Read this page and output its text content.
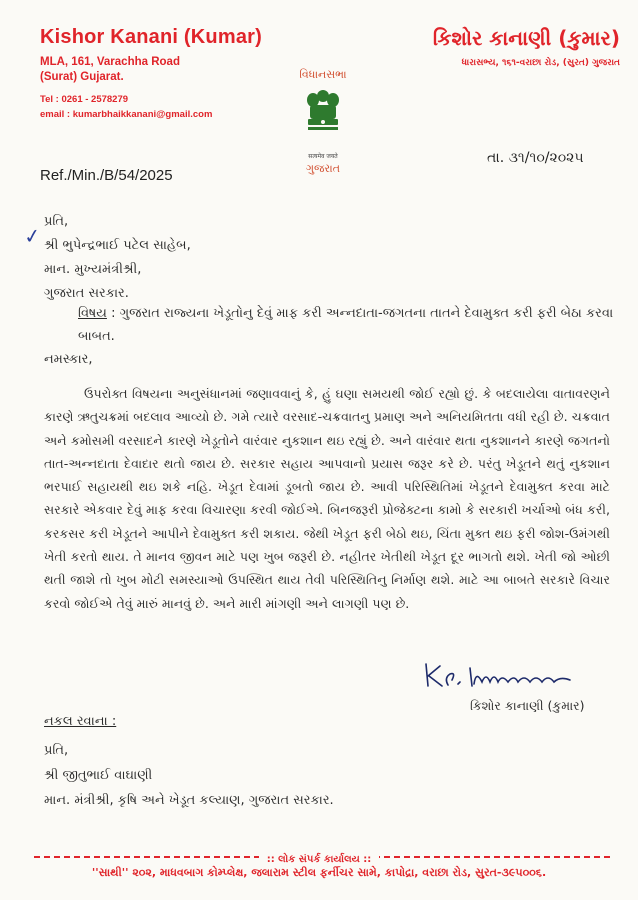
Kishor Kanani (Kumar)
MLA, 161, Varachha Road
(Surat) Gujarat.
Tel : 0261 - 2578279
email : kumarbhaikkanani@gmail.com
કિશોર કાનાણી (કુમાર)
ધારાસભ્ય, ૧૬૧-વરાછા રોડ, (સુરત) ગુજરાત
વિધાનસભા
सत्यमेव जयते
ગુજરાત
Ref./Min./B/54/2025
તા. ૩૧/૧૦/૨૦૨૫
✓
પ્રતિ,
શ્રી ભુપેન્દ્રભાઈ પટેલ સાહેબ,
માન. મુખ્યમંત્રીશ્રી,
ગુજરાત સરકાર.
વિષય : ગુજરાત રાજ્યના ખેડૂતોનુ દેવું માફ કરી અન્નદાતા-જગતના તાતને દેવામુક્ત કરી ફરી બેઠા કરવા બાબત.
નમસ્કાર,
ઉપરોક્ત વિષયના અનુસંધાનમાં જણાવવાનું કે, હું ઘણા સમયથી જોઈ રહ્યો છું. કે બદલાયેલા વાતાવરણને કારણે ઋતુચક્રમાં બદલાવ આવ્યો છે. ગમે ત્યારે વરસાદ-ચક્રવાતનુ પ્રમાણ અને અનિયમિતતા વધી રહી છે. ચક્રવાત અને કમોસમી વરસાદને કારણે ખેડૂતોને વારંવાર નુકશાન થઇ રહ્યું છે. અને વારંવાર થતા નુકશાનને કારણે જગતનો તાત-અન્નદાતા દેવાદાર થતો જાય છે. સરકાર સહાય આપવાનો પ્રયાસ જરૂર કરે છે. પરંતુ ખેડૂતને થતું નુકશાન ભરપાઈ સહાયથી થઇ શકે નહિ. ખેડૂત દેવામાં ડૂબતો જાય છે. આવી પરિસ્થિતિમાં ખેડૂતને દેવામુક્ત કરવા માટે સરકારે એકવાર દેવું માફ કરવા વિચારણા કરવી જોઈએ. બિનજરૂરી પ્રોજેક્ટના કામો કે સરકારી ખર્ચાઓ બંધ કરી, કરકસર કરી ખેડૂતને આપીને દેવામુક્ત કરી શકાય. જેથી ખેડૂત ફરી બેઠો થઇ, ચિંતા મુક્ત થઇ ફરી જોશ-ઉમંગથી ખેતી કરતો થાય. તે માનવ જીવન માટે પણ ખુબ જરૂરી છે. નહીતર ખેતીથી ખેડૂત દૂર ભાગતો થશે. ખેતી જો ઓછી થતી જાશે તો ખુબ મોટી સમસ્યાઓ ઉપસ્થિત થાય તેવી પરિસ્થિતિનુ નિર્માણ થશે. માટે આ બાબતે સરકારે વિચાર કરવો જોઈએ તેવું મારું માનવું છે. અને મારી માંગણી અને લાગણી પણ છે.
કિશોર કાનાણી (કુમાર)
નકલ રવાના :
પ્રતિ,
શ્રી જીતુભાઈ વાઘાણી
માન. મંત્રીશ્રી, કૃષિ અને ખેડૂત કલ્યાણ, ગુજરાત સરકાર.
:: લોક સંપર્ક કાર્યાલય ::
''સાથી'' ૨૦૨, માધવબાગ કોમ્પ્લેક્ષ, જલારામ સ્ટીલ ફર્નીચર સામે, કાપોદ્રા, વરાછા રોડ, સુરત-૩૯૫૦૦૬.
